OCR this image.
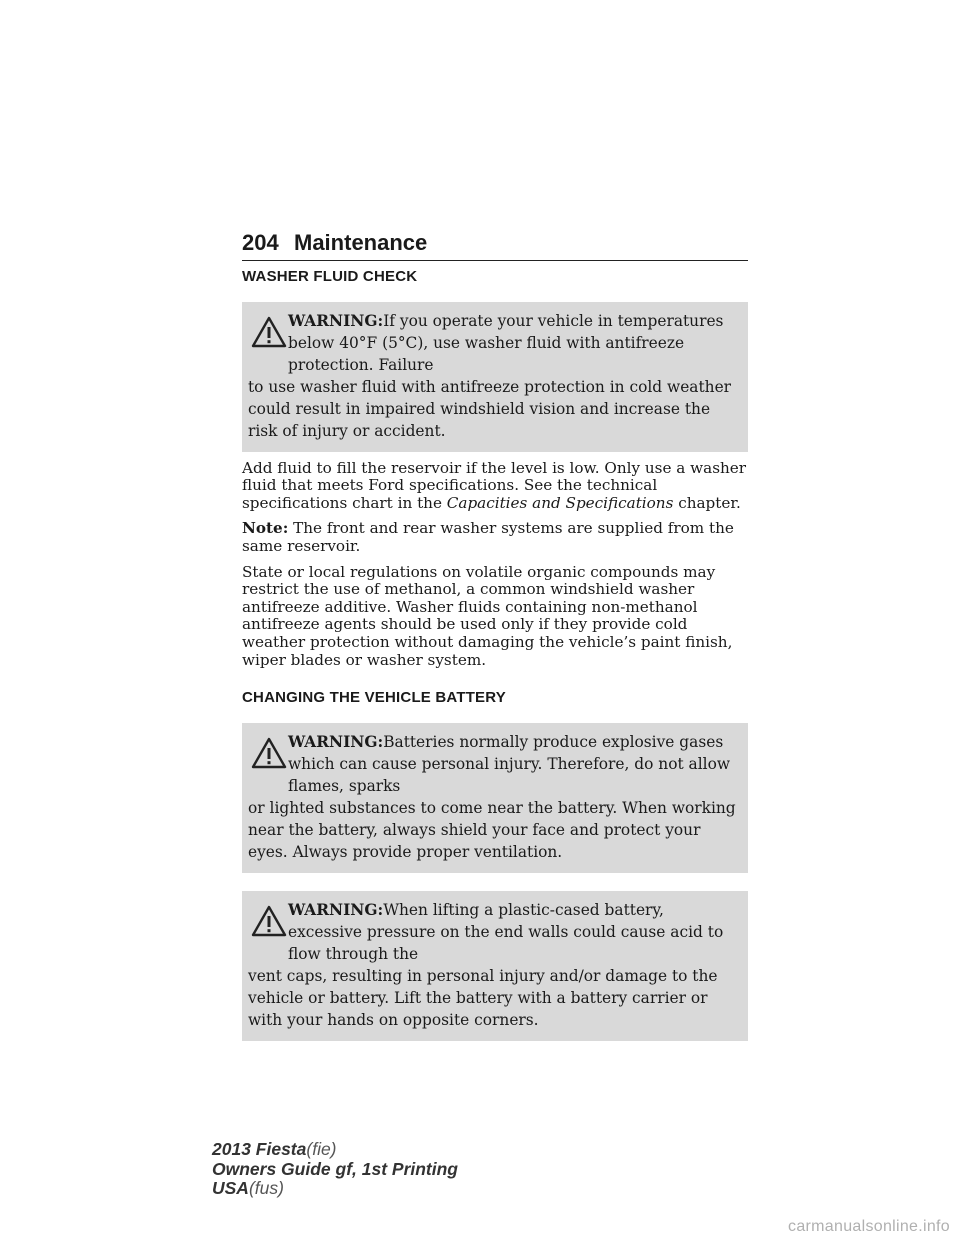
204 Maintenance
WASHER FLUID CHECK
WARNING:If you operate your vehicle in temperatures below 40°F (5°C), use washer fluid with antifreeze protection. Failure
to use washer fluid with antifreeze protection in cold weather could result in impaired windshield vision and increase the risk of injury or accident.

Add fluid to fill the reservoir if the level is low. Only use a washer fluid that meets Ford specifications. See the technical specifications chart in the Capacities and Specifications chapter.

Note: The front and rear washer systems are supplied from the same reservoir.

State or local regulations on volatile organic compounds may restrict the use of methanol, a common windshield washer antifreeze additive. Washer fluids containing non-methanol antifreeze agents should be used only if they provide cold weather protection without damaging the vehicle’s paint finish, wiper blades or washer system.

CHANGING THE VEHICLE BATTERY
WARNING:Batteries normally produce explosive gases which can cause personal injury. Therefore, do not allow flames, sparks
or lighted substances to come near the battery. When working near the battery, always shield your face and protect your eyes. Always provide proper ventilation.
WARNING:When lifting a plastic-cased battery, excessive pressure on the end walls could cause acid to flow through the
vent caps, resulting in personal injury and/or damage to the vehicle or battery. Lift the battery with a battery carrier or with your hands on opposite corners.
2013 Fiesta(fie)
Owners Guide gf, 1st Printing
USA(fus)
carmanualsonline.info
